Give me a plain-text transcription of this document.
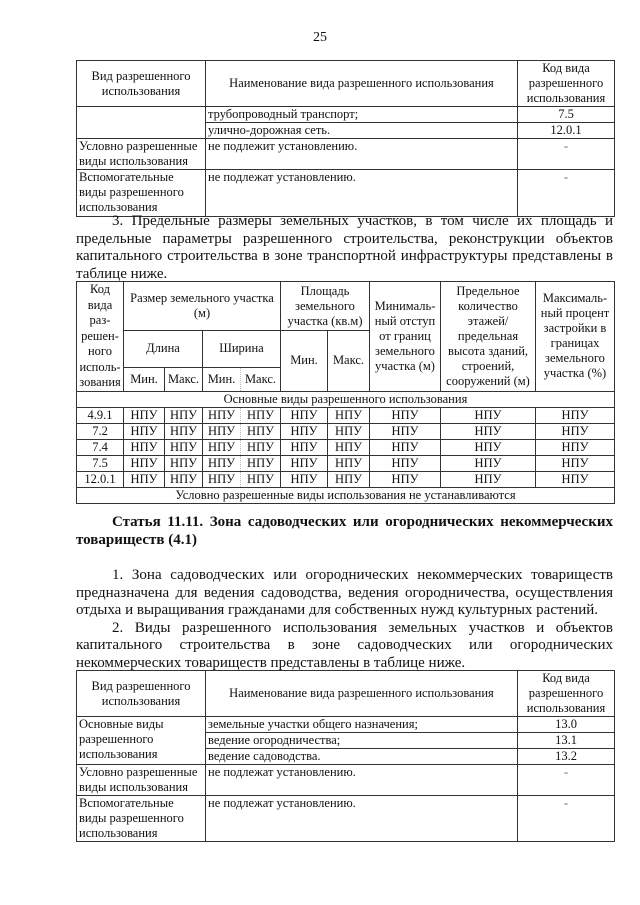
25
Вид разрешенного использования	Наименование вида разрешенного использования	Код вида разрешенного использования
	трубопроводный транспорт;	7.5
	улично-дорожная сеть.	12.0.1
Условно разрешенные виды использования	не подлежит установлению.	-
Вспомогательные виды разрешенного использования	не подлежат установлению.	-

3. Предельные размеры земельных участков, в том числе их площадь и предельные параметры разрешенного строительства, реконструкции объектов капитального строительства в зоне транспортной инфраструктуры представлены в таблице ниже.

Код вида раз-решен-ного исполь-зования	Размер земельного участка (м)				Площадь земельного участка (кв.м)		Минималь-ный отступ от границ земельного участка (м)	Предельное количество этажей/ предельная высота зданий, строений, сооружений (м)	Максималь-ный процент застройки в границах земельного участка (%)
	Длина		Ширина		Мин.	Макс.			
	Мин.	Макс.	Мин.	Макс.					
Основные виды разрешенного использования									
4.9.1	НПУ	НПУ	НПУ	НПУ	НПУ	НПУ	НПУ	НПУ	НПУ
7.2	НПУ	НПУ	НПУ	НПУ	НПУ	НПУ	НПУ	НПУ	НПУ
7.4	НПУ	НПУ	НПУ	НПУ	НПУ	НПУ	НПУ	НПУ	НПУ
7.5	НПУ	НПУ	НПУ	НПУ	НПУ	НПУ	НПУ	НПУ	НПУ
12.0.1	НПУ	НПУ	НПУ	НПУ	НПУ	НПУ	НПУ	НПУ	НПУ
Условно разрешенные виды использования не устанавливаются									

Статья 11.11. Зона садоводческих или огороднических некоммерческих товариществ (4.1)

1. Зона садоводческих или огороднических некоммерческих товариществ предназначена для ведения садоводства, ведения огородничества, осуществления отдыха и выращивания гражданами для собственных нужд культурных растений.

2. Виды разрешенного использования земельных участков и объектов капитального строительства в зоне садоводческих или огороднических некоммерческих товариществ представлены в таблице ниже.

Вид разрешенного использования	Наименование вида разрешенного использования	Код вида разрешенного использования
Основные виды разрешенного использования	земельные участки общего назначения;	13.0
	ведение огородничества;	13.1
	ведение садоводства.	13.2
Условно разрешенные виды использования	не подлежат установлению.	-
Вспомогательные виды разрешенного использования	не подлежат установлению.	-
